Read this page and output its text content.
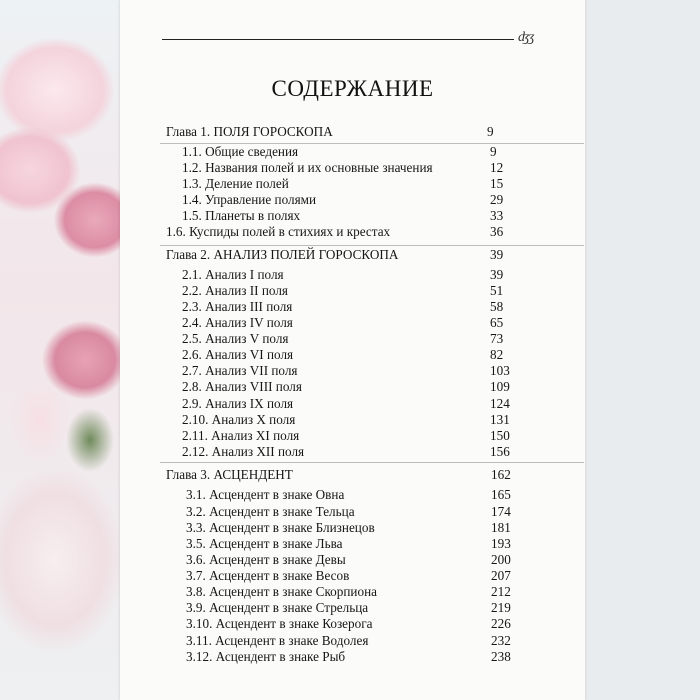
ʤʒ
СОДЕРЖАНИЕ
Глава 1. ПОЛЯ ГОРОСКОПА	9
1.1. Общие сведения	9
1.2. Названия полей и их основные значения	12
1.3. Деление полей	15
1.4. Управление полями	29
1.5. Планеты в полях	33
1.6. Куспиды полей в стихиях и крестах	36
Глава 2. АНАЛИЗ ПОЛЕЙ ГОРОСКОПА	39
2.1. Анализ I поля	39
2.2. Анализ II поля	51
2.3. Анализ III поля	58
2.4. Анализ IV поля	65
2.5. Анализ V поля	73
2.6. Анализ VI поля	82
2.7. Анализ VII поля	103
2.8. Анализ VIII поля	109
2.9. Анализ IX поля	124
2.10. Анализ X поля	131
2.11. Анализ XI поля	150
2.12. Анализ XII поля	156
Глава 3. АСЦЕНДЕНТ	162
3.1. Асцендент в знаке Овна	165
3.2. Асцендент в знаке Тельца	174
3.3. Асцендент в знаке Близнецов	181
3.5. Асцендент в знаке Льва	193
3.6. Асцендент в знаке Девы	200
3.7. Асцендент в знаке Весов	207
3.8. Асцендент в знаке Скорпиона	212
3.9. Асцендент в знаке Стрельца	219
3.10. Асцендент в знаке Козерога	226
3.11. Асцендент в знаке Водолея	232
3.12. Асцендент в знаке Рыб	238
